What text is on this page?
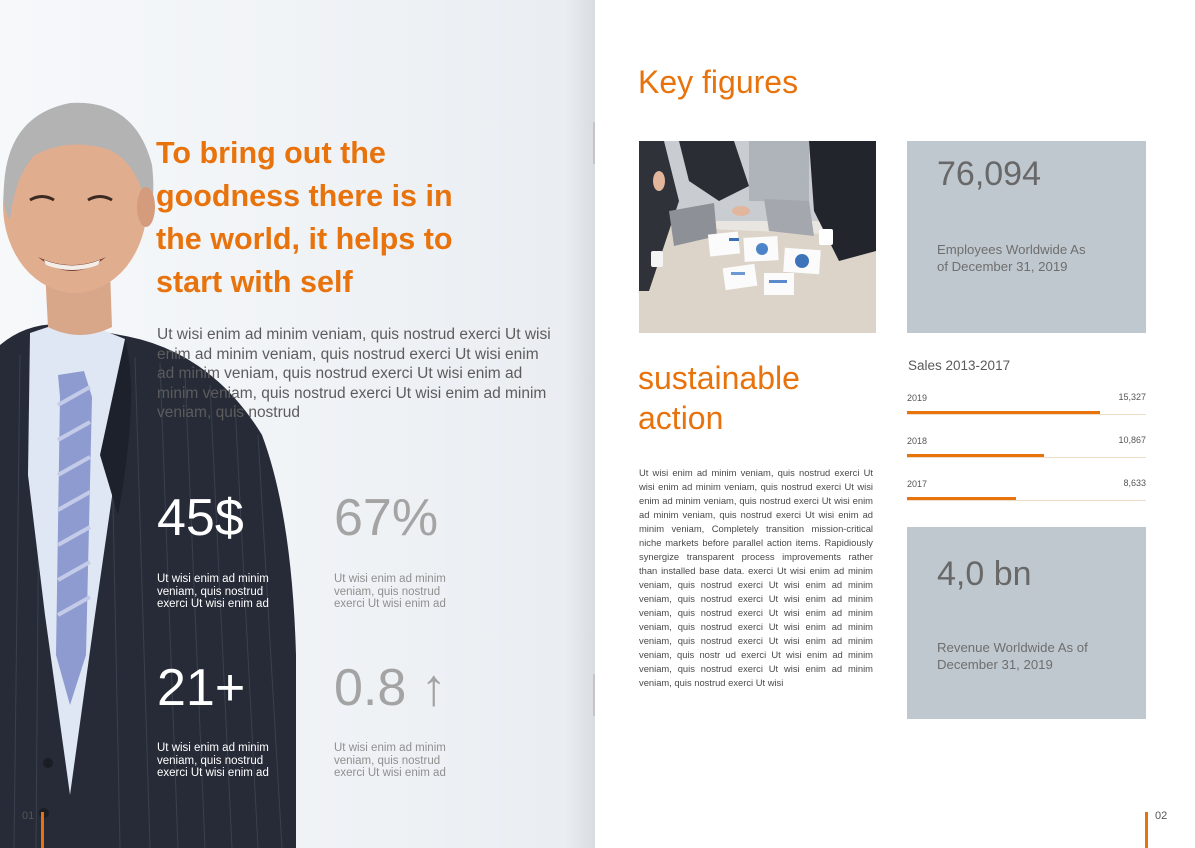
To bring out the goodness there is in the world, it helps to start with self
Ut wisi enim ad minim veniam, quis nostrud exerci Ut wisi enim ad minim veniam, quis nostrud exerci Ut wisi enim ad minim veniam, quis nostrud exerci Ut wisi enim ad minim veniam, quis nostrud exerci Ut wisi enim ad minim veniam, quis nostrud
45$
Ut wisi enim ad minim veniam, quis nostrud exerci Ut wisi enim ad
67%
Ut wisi enim ad minim veniam, quis nostrud exerci Ut wisi enim ad
21+
Ut wisi enim ad minim veniam, quis nostrud exerci Ut wisi enim ad
0.8 ↑
Ut wisi enim ad minim veniam, quis nostrud exerci Ut wisi enim ad
01
Key figures
sustainable action
Ut wisi enim ad minim veniam, quis nostrud exerci Ut wisi enim ad minim veniam, quis nostrud exerci Ut wisi enim ad minim veniam, quis nostrud exerci Ut wisi enim ad minim veniam, quis nostrud exerci Ut wisi enim ad minim veniam, Completely transition mission-critical niche markets before parallel action items. Rapidiously synergize transparent process improvements rather than installed base data. exerci Ut wisi enim ad minim veniam, quis nostrud exerci Ut wisi enim ad minim veniam, quis nostrud exerci Ut wisi enim ad minim veniam, quis nostrud exerci Ut wisi enim ad minim veniam, quis nostrud exerci Ut wisi enim ad minim veniam, quis nostrud exerci Ut wisi enim ad minim veniam, quis nostr ud exerci Ut wisi enim ad minim veniam, quis nostrud exerci Ut wisi enim ad minim veniam, quis nostrud exerci Ut wisi
76,094
Employees Worldwide As of December 31, 2019
Sales 2013-2017
2019	15,327
2018	10,867
2017	8,633
4,0 bn
Revenue Worldwide As of December 31, 2019
02
